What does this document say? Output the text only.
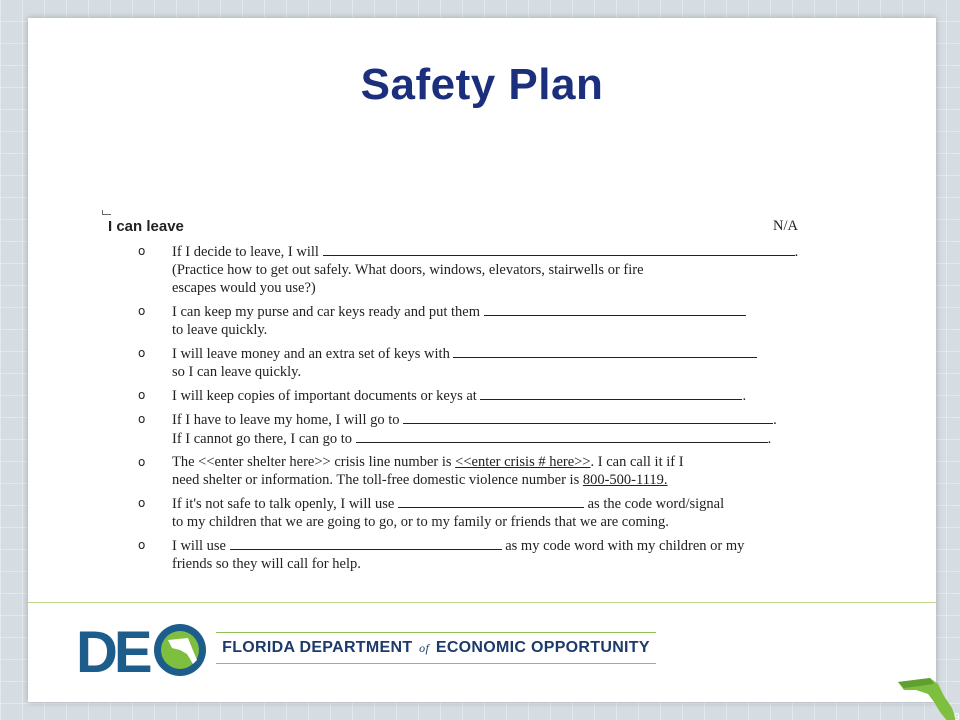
Safety Plan
I can leave	N/A
o If I decide to leave, I will	.
(Practice how to get out safely. What doors, windows, elevators, stairwells or fire
escapes would you use?)
o I can keep my purse and car keys ready and put them
to leave quickly.
o I will leave money and an extra set of keys with
so I can leave quickly.
o I will keep copies of important documents or keys at	.
o If I have to leave my home, I will go to	.
If I cannot go there, I can go to	.
o The <<enter shelter here>> crisis line number is <<enter crisis # here>>. I can call it if I
need shelter or information. The toll-free domestic violence number is 800-500-1119.
o If it's not safe to talk openly, I will use	as the code word/signal
to my children that we are going to go, or to my family or friends that we are coming.
o I will use	as my code word with my children or my
friends so they will call for help.
DE	FLORIDA DEPARTMENT of ECONOMIC OPPORTUNITY
9
